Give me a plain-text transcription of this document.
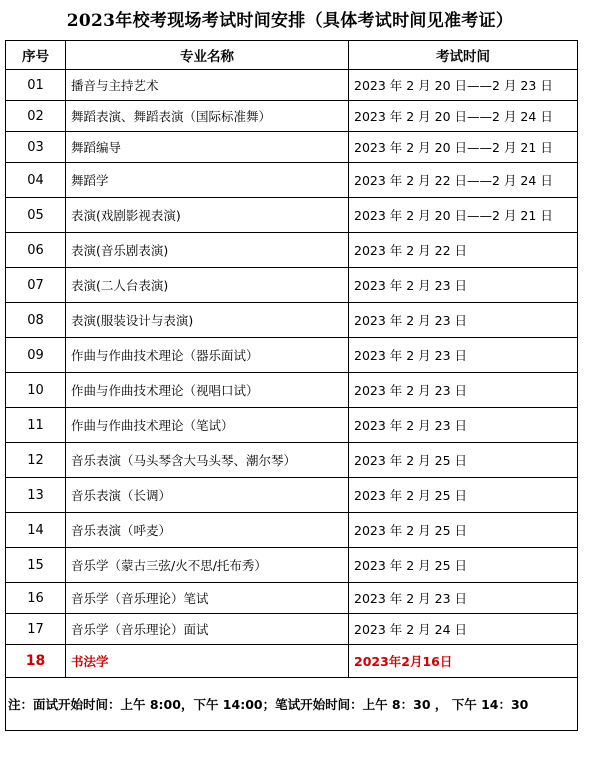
2023年校考现场考试时间安排（具体考试时间见准考证）
序号	专业名称	考试时间
01	播音与主持艺术	2023 年 2 月 20 日——2 月 23 日
02	舞蹈表演、舞蹈表演（国际标准舞）	2023 年 2 月 20 日——2 月 24 日
03	舞蹈编导	2023 年 2 月 20 日——2 月 21 日
04	舞蹈学	2023 年 2 月 22 日——2 月 24 日
05	表演(戏剧影视表演)	2023 年 2 月 20 日——2 月 21 日
06	表演(音乐剧表演)	2023 年 2 月 22 日
07	表演(二人台表演)	2023 年 2 月 23 日
08	表演(服装设计与表演)	2023 年 2 月 23 日
09	作曲与作曲技术理论（器乐面试）	2023 年 2 月 23 日
10	作曲与作曲技术理论（视唱口试）	2023 年 2 月 23 日
11	作曲与作曲技术理论（笔试）	2023 年 2 月 23 日
12	音乐表演（马头琴含大马头琴、潮尔琴）	2023 年 2 月 25 日
13	音乐表演（长调）	2023 年 2 月 25 日
14	音乐表演（呼麦）	2023 年 2 月 25 日
15	音乐学（蒙古三弦/火不思/托布秀）	2023 年 2 月 25 日
16	音乐学（音乐理论）笔试	2023 年 2 月 23 日
17	音乐学（音乐理论）面试	2023 年 2 月 24 日
18	书法学	2023年2月16日
注：面试开始时间：上午 8:00，下午 14:00；笔试开始时间：上午 8：30 ， 下午 14：30		
